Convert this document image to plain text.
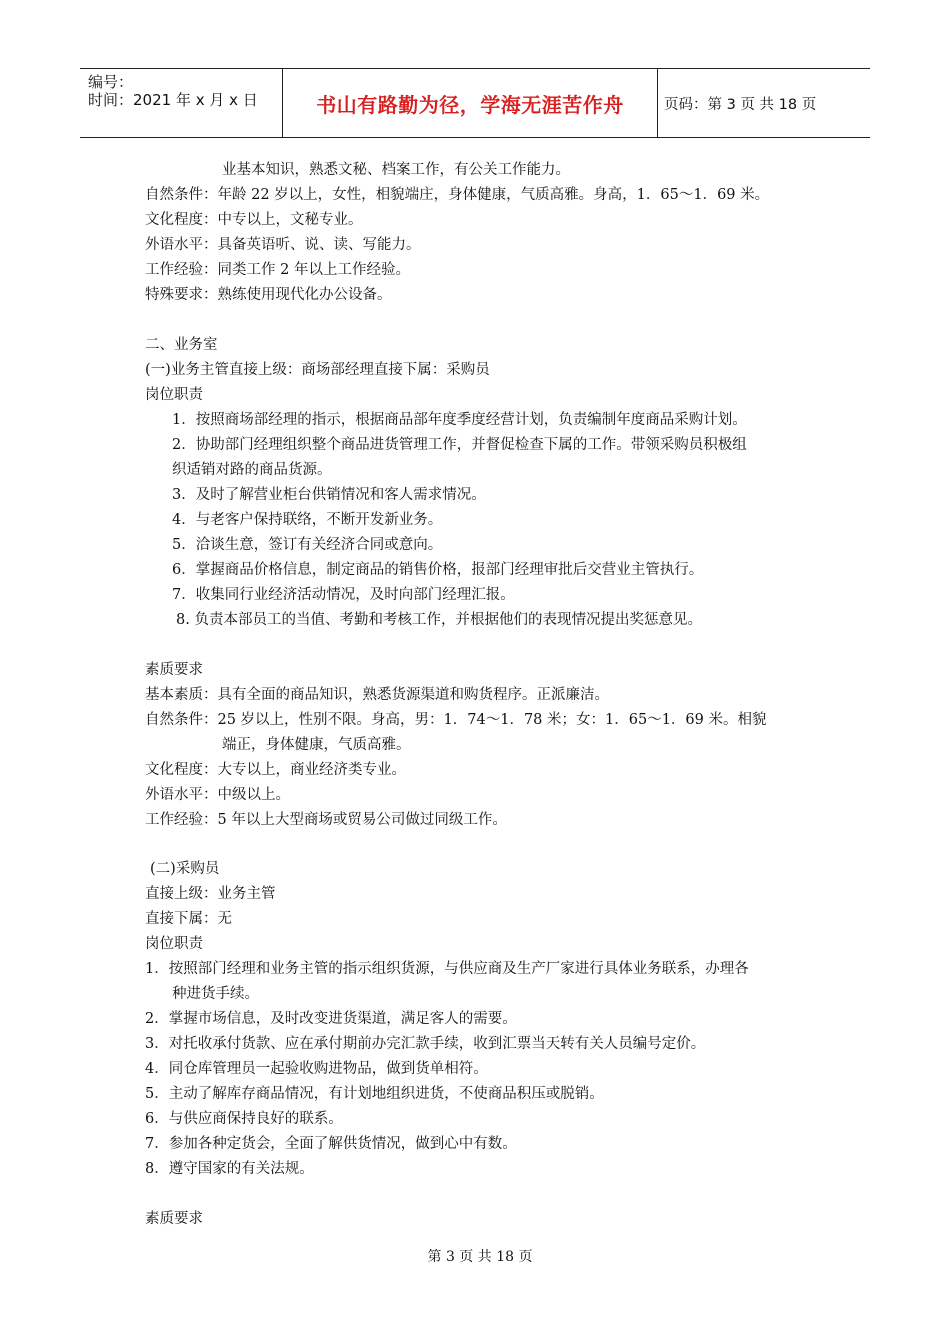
编号：
时间：2021 年 x 月 x 日	书山有路勤为径，学海无涯苦作舟	页码：第 3 页 共 18 页
业基本知识，熟悉文秘、档案工作，有公关工作能力。
自然条件：年龄 22 岁以上，女性，相貌端庄，身体健康，气质高雅。身高，1．65～1．69 米。
文化程度：中专以上，文秘专业。
外语水平：具备英语听、说、读、写能力。
工作经验：同类工作 2 年以上工作经验。
特殊要求：熟练使用现代化办公设备。
二、业务室
(一)业务主管直接上级：商场部经理直接下属：采购员
岗位职责
1．按照商场部经理的指示，根据商品部年度季度经营计划，负责编制年度商品采购计划。
2．协助部门经理组织整个商品进货管理工作，并督促检查下属的工作。带领采购员积极组
织适销对路的商品货源。
3．及时了解营业柜台供销情况和客人需求情况。
4．与老客户保持联络，不断开发新业务。
5．洽谈生意，签订有关经济合同或意向。
6．掌握商品价格信息，制定商品的销售价格，报部门经理审批后交营业主管执行。
7．收集同行业经济活动情况，及时向部门经理汇报。
8. 负责本部员工的当值、考勤和考核工作，并根据他们的表现情况提出奖惩意见。
素质要求
基本素质：具有全面的商品知识，熟悉货源渠道和购货程序。正派廉洁。
自然条件：25 岁以上，性别不限。身高，男：1．74～1．78 米；女：1．65～1．69 米。相貌
端正，身体健康，气质高雅。
文化程度：大专以上，商业经济类专业。
外语水平：中级以上。
工作经验：5 年以上大型商场或贸易公司做过同级工作。
(二)采购员
直接上级：业务主管
直接下属：无
岗位职责
1．按照部门经理和业务主管的指示组织货源，与供应商及生产厂家进行具体业务联系，办理各
种进货手续。
2．掌握市场信息，及时改变进货渠道，满足客人的需要。
3．对托收承付货款、应在承付期前办完汇款手续，收到汇票当天转有关人员编号定价。
4．同仓库管理员一起验收购进物品，做到货单相符。
5．主动了解库存商品情况，有计划地组织进货，不使商品积压或脱销。
6．与供应商保持良好的联系。
7．参加各种定货会，全面了解供货情况，做到心中有数。
8．遵守国家的有关法规。
素质要求
第 3 页 共 18 页
